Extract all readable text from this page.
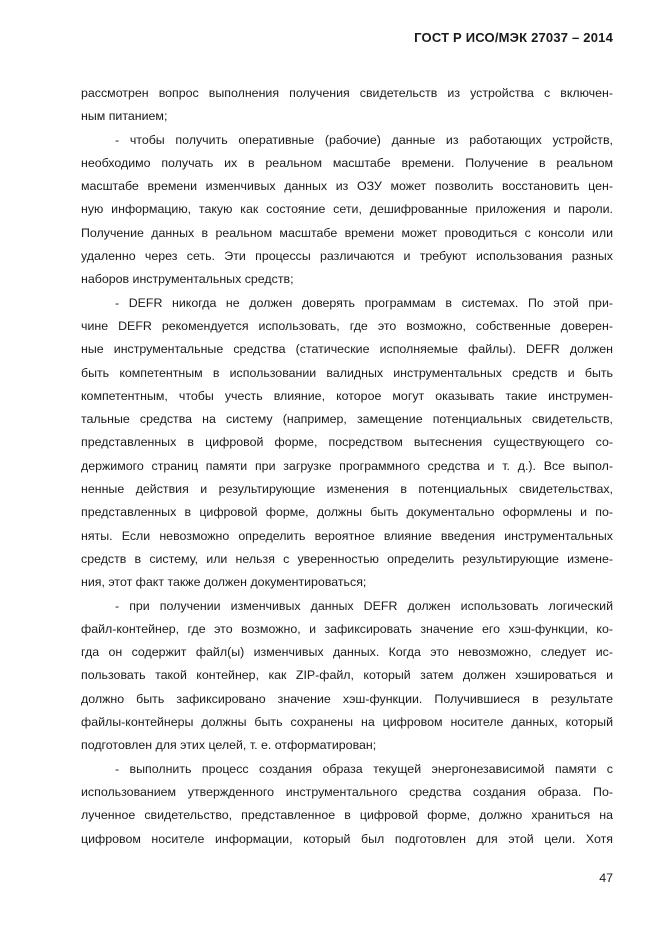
ГОСТ Р ИСО/МЭК 27037 – 2014
рассмотрен вопрос выполнения получения свидетельств из устройства с включен-
ным питанием;
- чтобы получить оперативные (рабочие) данные из работающих устройств,
необходимо получать их в реальном масштабе времени. Получение в реальном
масштабе времени изменчивых данных из ОЗУ может позволить восстановить цен-
ную информацию, такую как состояние сети, дешифрованные приложения и пароли.
Получение данных в реальном масштабе времени может проводиться с консоли или
удаленно через сеть. Эти процессы различаются и требуют использования разных
наборов инструментальных средств;
- DEFR никогда не должен доверять программам в системах. По этой при-
чине DEFR рекомендуется использовать, где это возможно, собственные доверен-
ные инструментальные средства (статические исполняемые файлы). DEFR должен
быть компетентным в использовании валидных инструментальных средств и быть
компетентным, чтобы учесть влияние, которое могут оказывать такие инструмен-
тальные средства на систему (например, замещение потенциальных свидетельств,
представленных в цифровой форме, посредством вытеснения существующего со-
держимого страниц памяти при загрузке программного средства и т. д.). Все выпол-
ненные действия и результирующие изменения в потенциальных свидетельствах,
представленных в цифровой форме, должны быть документально оформлены и по-
няты. Если невозможно определить вероятное влияние введения инструментальных
средств в систему, или нельзя с уверенностью определить результирующие измене-
ния, этот факт также должен документироваться;
- при получении изменчивых данных DEFR должен использовать логический
файл-контейнер, где это возможно, и зафиксировать значение его хэш-функции, ко-
гда он содержит файл(ы) изменчивых данных. Когда это невозможно, следует ис-
пользовать такой контейнер, как ZIP-файл, который затем должен хэшироваться и
должно быть зафиксировано значение хэш-функции. Получившиеся в результате
файлы-контейнеры должны быть сохранены на цифровом носителе данных, который
подготовлен для этих целей, т. е. отформатирован;
- выполнить процесс создания образа текущей энергонезависимой памяти с
использованием утвержденного инструментального средства создания образа. По-
лученное свидетельство, представленное в цифровой форме, должно храниться на
цифровом носителе информации, который был подготовлен для этой цели. Хотя
47
